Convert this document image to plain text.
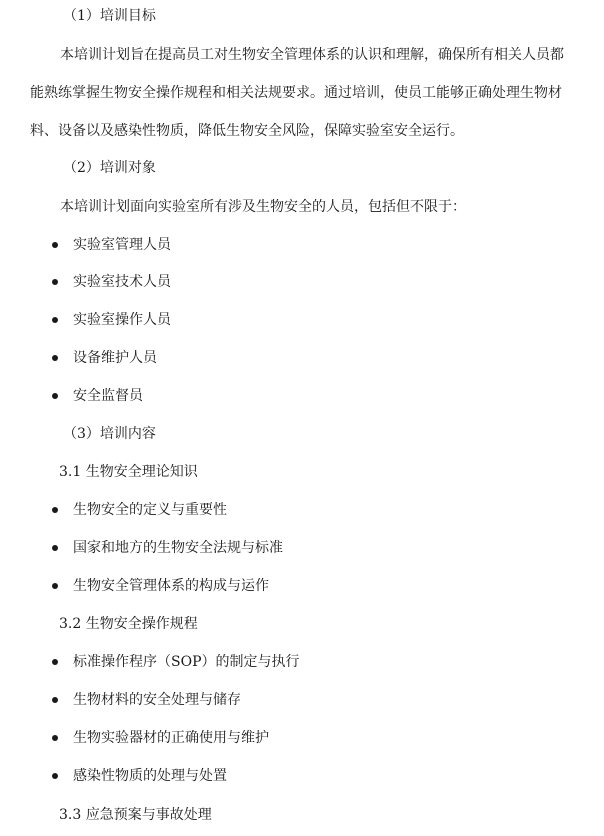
（1）培训目标
本培训计划旨在提高员工对生物安全管理体系的认识和理解，确保所有相关人员都
能熟练掌握生物安全操作规程和相关法规要求。通过培训，使员工能够正确处理生物材
料、设备以及感染性物质，降低生物安全风险，保障实验室安全运行。
（2）培训对象
本培训计划面向实验室所有涉及生物安全的人员，包括但不限于：
实验室管理人员
实验室技术人员
实验室操作人员
设备维护人员
安全监督员
（3）培训内容
3.1 生物安全理论知识
生物安全的定义与重要性
国家和地方的生物安全法规与标准
生物安全管理体系的构成与运作
3.2 生物安全操作规程
标准操作程序（SOP）的制定与执行
生物材料的安全处理与储存
生物实验器材的正确使用与维护
感染性物质的处理与处置
3.3 应急预案与事故处理
